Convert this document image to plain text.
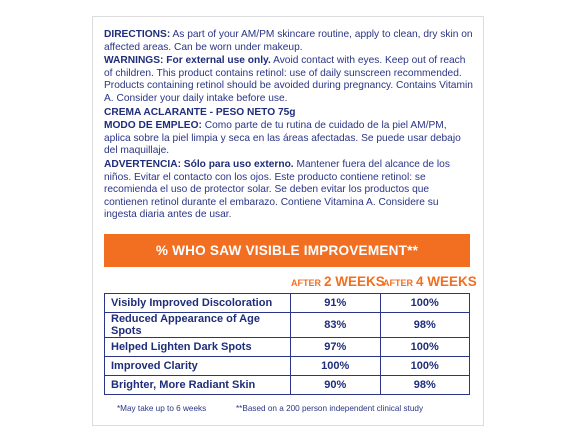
DIRECTIONS: As part of your AM/PM skincare routine, apply to clean, dry skin on affected areas. Can be worn under makeup.

WARNINGS: For external use only. Avoid contact with eyes. Keep out of reach of children. This product contains retinol: use of daily sunscreen recommended. Products containing retinol should be avoided during pregnancy. Contains Vitamin A. Consider your daily intake before use.

CREMA ACLARANTE - PESO NETO 75g

MODO DE EMPLEO: Como parte de tu rutina de cuidado de la piel AM/PM, aplica sobre la piel limpia y seca en las áreas afectadas. Se puede usar debajo del maquillaje.

ADVERTENCIA: Sólo para uso externo. Mantener fuera del alcance de los niños. Evitar el contacto con los ojos. Este producto contiene retinol: se recomienda el uso de protector solar. Se deben evitar los productos que contienen retinol durante el embarazo. Contiene Vitamina A. Considere su ingesta diaria antes de usar.

% WHO SAW VISIBLE IMPROVEMENT**
AFTER 2 WEEKS
AFTER 4 WEEKS
Visibly Improved Discoloration	91%	100%
Reduced Appearance of Age Spots	83%	98%
Helped Lighten Dark Spots	97%	100%
Improved Clarity	100%	100%
Brighter, More Radiant Skin	90%	98%
*May take up to 6 weeks	**Based on a 200 person independent clinical study
